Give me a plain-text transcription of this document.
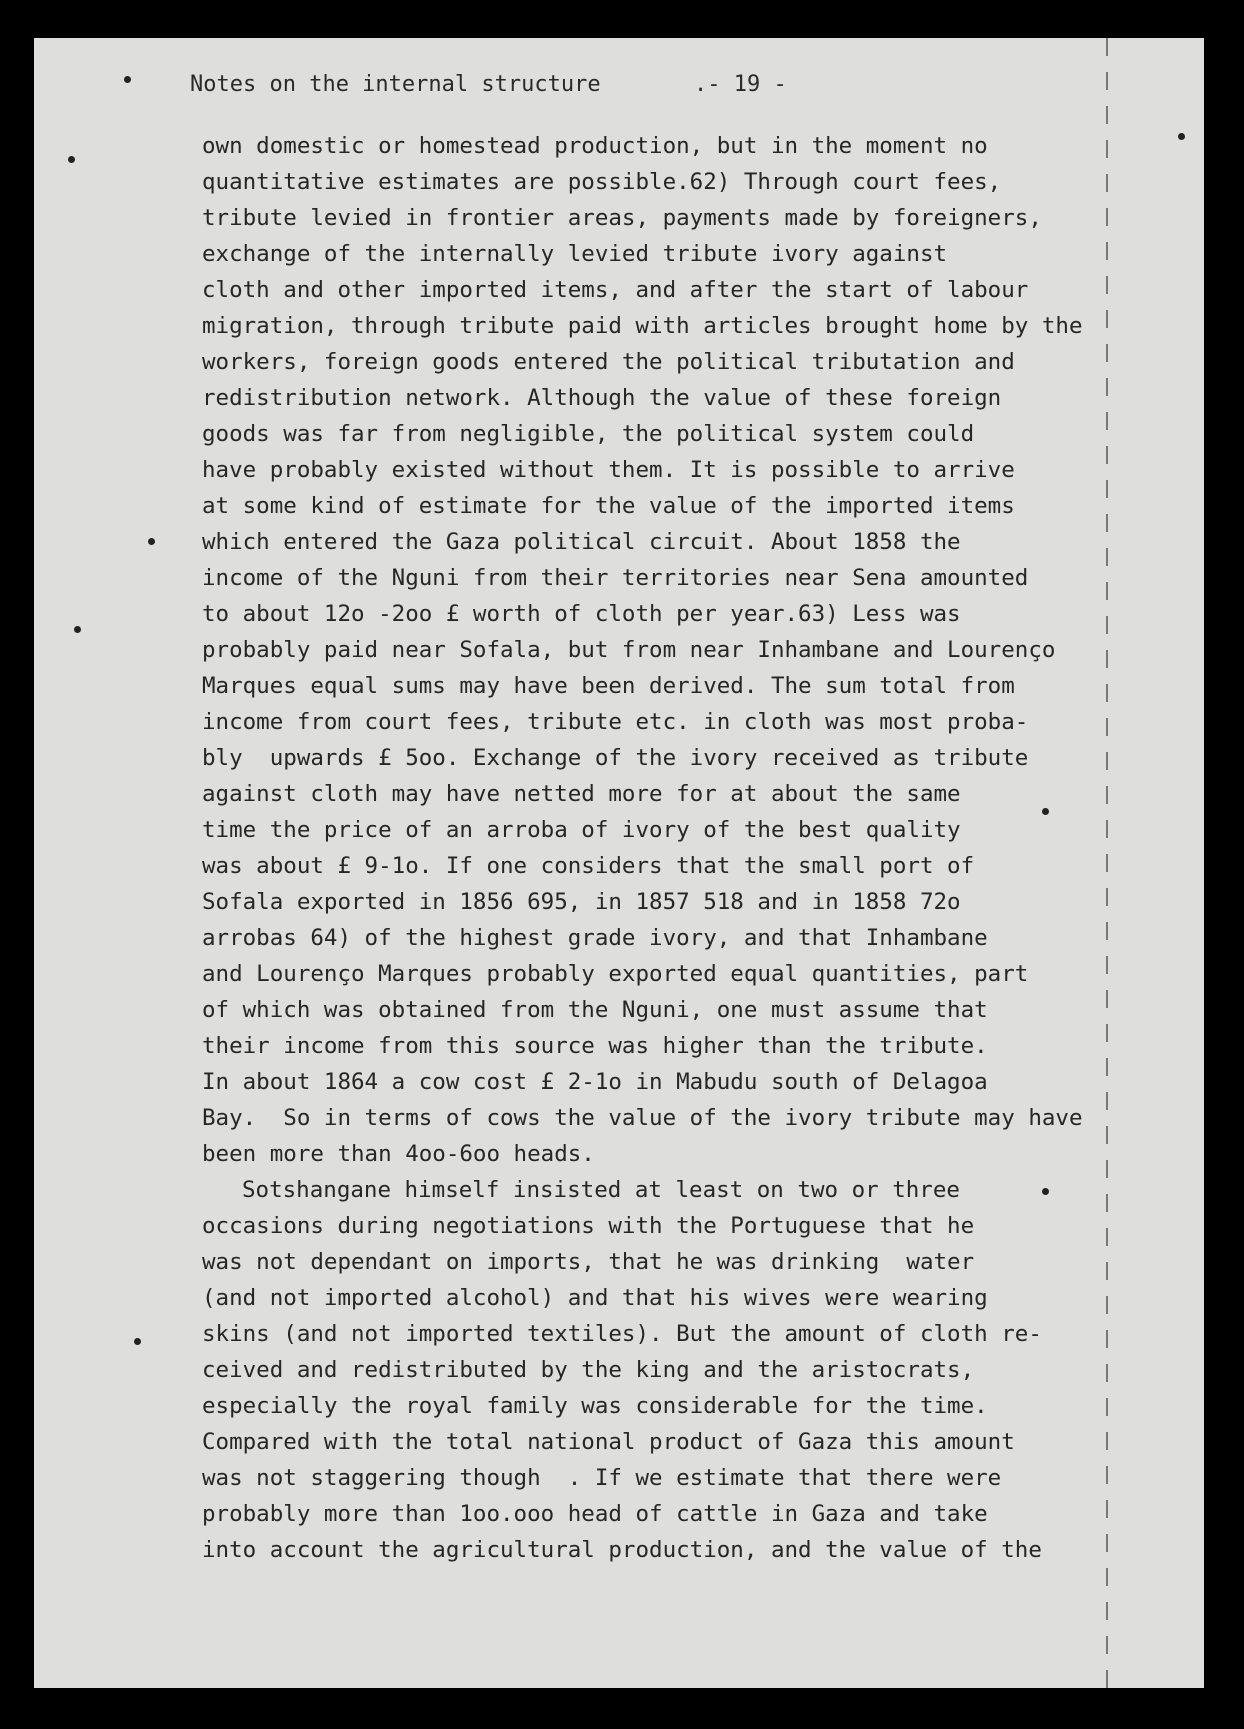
Notes on the internal structure	.- 19 -
own domestic or homestead production, but in the moment no
quantitative estimates are possible.62) Through court fees,
tribute levied in frontier areas, payments made by foreigners,
exchange of the internally levied tribute ivory against
cloth and other imported items, and after the start of labour
migration, through tribute paid with articles brought home by the
workers, foreign goods entered the political tributation and
redistribution network. Although the value of these foreign
goods was far from negligible, the political system could
have probably existed without them. It is possible to arrive
at some kind of estimate for the value of the imported items
which entered the Gaza political circuit. About 1858 the
income of the Nguni from their territories near Sena amounted
to about 12o -2oo £ worth of cloth per year.63) Less was
probably paid near Sofala, but from near Inhambane and Lourenço
Marques equal sums may have been derived. The sum total from
income from court fees, tribute etc. in cloth was most proba-
bly  upwards £ 5oo. Exchange of the ivory received as tribute
against cloth may have netted more for at about the same
time the price of an arroba of ivory of the best quality
was about £ 9-1o. If one considers that the small port of
Sofala exported in 1856 695, in 1857 518 and in 1858 72o
arrobas 64) of the highest grade ivory, and that Inhambane
and Lourenço Marques probably exported equal quantities, part
of which was obtained from the Nguni, one must assume that
their income from this source was higher than the tribute.
In about 1864 a cow cost £ 2-1o in Mabudu south of Delagoa
Bay.  So in terms of cows the value of the ivory tribute may have
been more than 4oo-6oo heads.
Sotshangane himself insisted at least on two or three
occasions during negotiations with the Portuguese that he
was not dependant on imports, that he was drinking  water
(and not imported alcohol) and that his wives were wearing
skins (and not imported textiles). But the amount of cloth re-
ceived and redistributed by the king and the aristocrats,
especially the royal family was considerable for the time.
Compared with the total national product of Gaza this amount
was not staggering though  . If we estimate that there were
probably more than 1oo.ooo head of cattle in Gaza and take
into account the agricultural production, and the value of the
